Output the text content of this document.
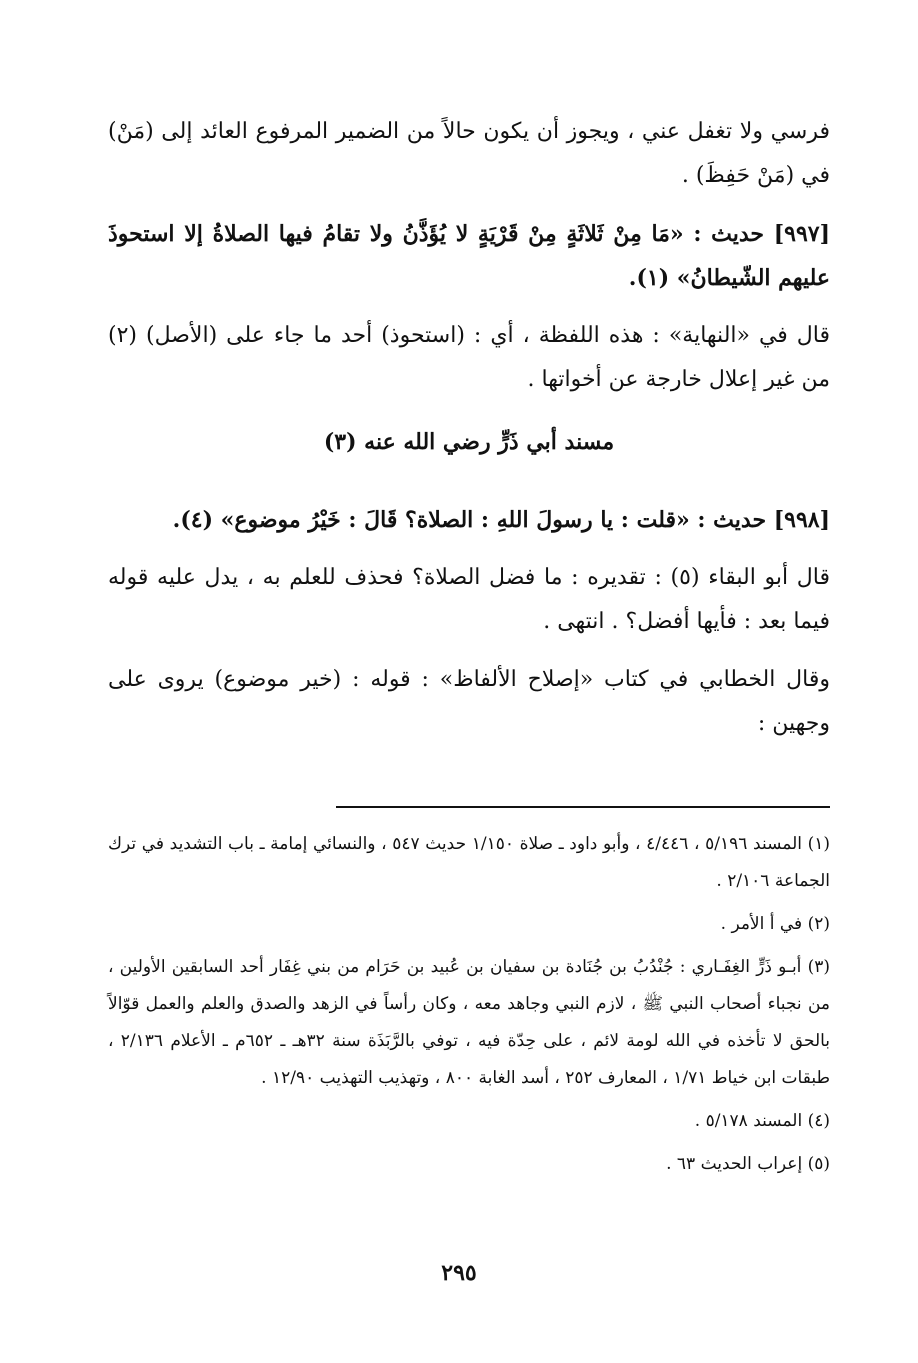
فرسي ولا تغفل عني ، ويجوز أن يكون حالاً من الضمير المرفوع العائد إلى (مَنْ) في (مَنْ حَفِظَ) .

[٩٩٧] حديث : «مَا مِنْ ثَلاثَةٍ مِنْ قَرْيَةٍ لا يُؤَذَّنُ ولا تقامُ فيها الصلاةُ إلا استحوذَ عليهم الشّيطانُ» (١).

قال في «النهاية» : هذه اللفظة ، أي : (استحوذ) أحد ما جاء على (الأصل) (٢) من غير إعلال خارجة عن أخواتها .

مسند أبي ذَرٍّ رضي الله عنه (٣)

[٩٩٨] حديث : «قلت : يا رسولَ اللهِ : الصلاة؟ قَالَ : خَيْرُ موضوع» (٤).

قال أبو البقاء (٥) : تقديره : ما فضل الصلاة؟ فحذف للعلم به ، يدل عليه قوله فيما بعد : فأيها أفضل؟ . انتهى .

وقال الخطابي في كتاب «إصلاح الألفاظ» : قوله : (خير موضوع) يروى على وجهين :

(١) المسند ٥/١٩٦ ، ٤/٤٤٦ ، وأبو داود ـ صلاة ١/١٥٠ حديث ٥٤٧ ، والنسائي إمامة ـ باب التشديد في ترك الجماعة ٢/١٠٦ .

(٢) في أ الأمر .

(٣) أبـو ذَرٍّ الغِفَـاري : جُنْدُبُ بن جُنَادة بن سفيان بن عُبيد بن حَرَام من بني غِفَار أحد السابقين الأولين ، من نجباء أصحاب النبي ﷺ ، لازم النبي وجاهد معه ، وكان رأساً في الزهد والصدق والعلم والعمل قوّالاً بالحق لا تأخذه في الله لومة لائم ، على حِدّة فيه ، توفي بالرَّبَذَة سنة ٣٢هـ ـ ٦٥٢م ـ الأعلام ٢/١٣٦ ، طبقات ابن خياط ١/٧١ ، المعارف ٢٥٢ ، أسد الغابة ٨٠٠ ، وتهذيب التهذيب ١٢/٩٠ .

(٤) المسند ٥/١٧٨ .

(٥) إعراب الحديث ٦٣ .

٢٩٥
